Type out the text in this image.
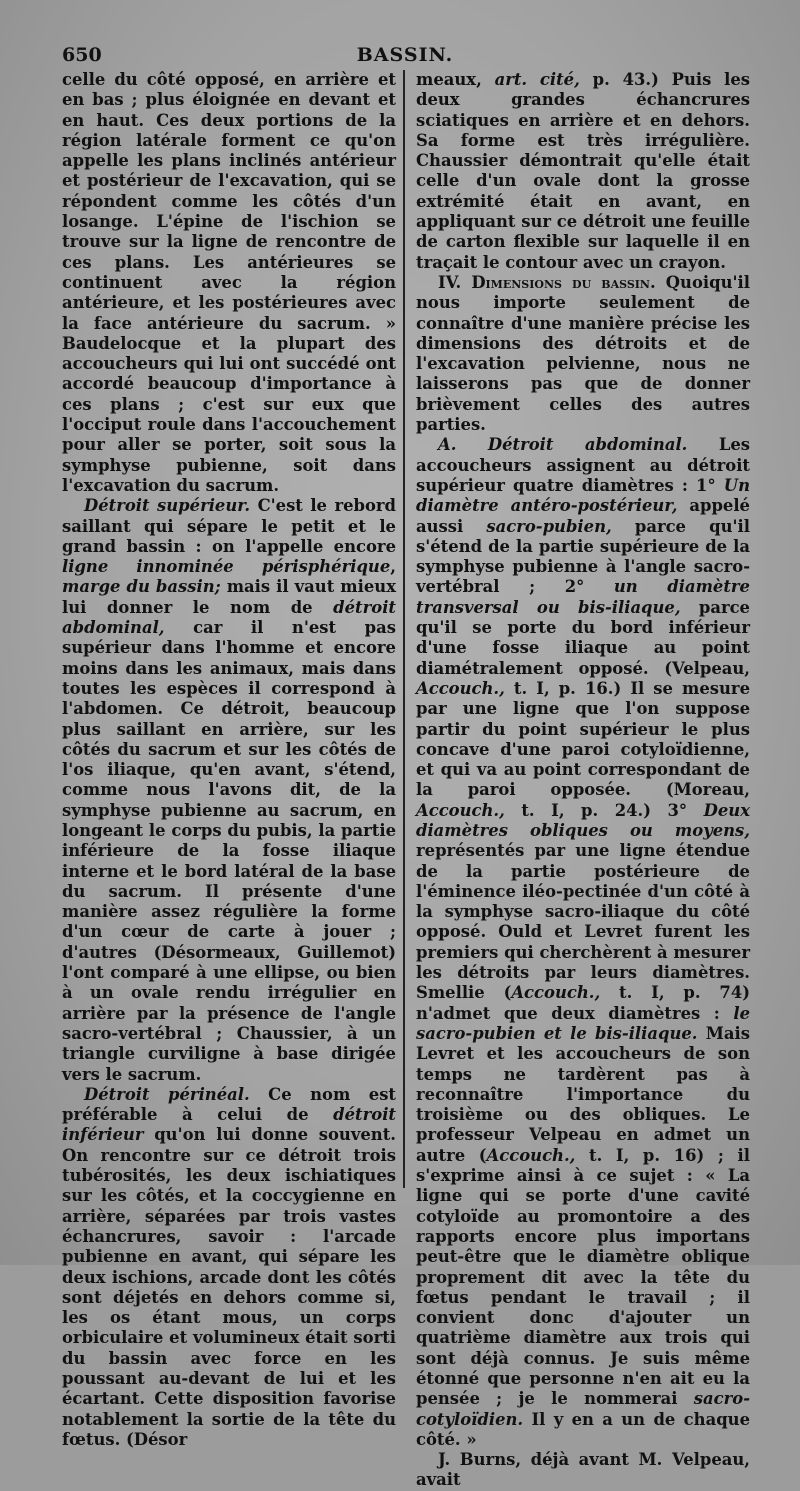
650	BASSIN.

celle du côté opposé, en arrière et en bas ; plus éloignée en devant et en haut. Ces deux portions de la région latérale forment ce qu'on appelle les plans inclinés antérieur et postérieur de l'excavation, qui se répondent comme les côtés d'un losange. L'épine de l'ischion se trouve sur la ligne de rencontre de ces plans. Les antérieures se continuent avec la région antérieure, et les postérieures avec la face antérieure du sacrum. » Baudelocque et la plupart des accoucheurs qui lui ont succédé ont accordé beaucoup d'importance à ces plans ; c'est sur eux que l'occiput roule dans l'accouchement pour aller se porter, soit sous la symphyse pubienne, soit dans l'excavation du sacrum.

Détroit supérieur. C'est le rebord saillant qui sépare le petit et le grand bassin : on l'appelle encore ligne innominée périsphérique, marge du bassin; mais il vaut mieux lui donner le nom de détroit abdominal, car il n'est pas supérieur dans l'homme et encore moins dans les animaux, mais dans toutes les espèces il correspond à l'abdomen. Ce détroit, beaucoup plus saillant en arrière, sur les côtés du sacrum et sur les côtés de l'os iliaque, qu'en avant, s'étend, comme nous l'avons dit, de la symphyse pubienne au sacrum, en longeant le corps du pubis, la partie inférieure de la fosse iliaque interne et le bord latéral de la base du sacrum. Il présente d'une manière assez régulière la forme d'un cœur de carte à jouer ; d'autres (Désormeaux, Guillemot) l'ont comparé à une ellipse, ou bien à un ovale rendu irrégulier en arrière par la présence de l'angle sacro-vertébral ; Chaussier, à un triangle curviligne à base dirigée vers le sacrum.

Détroit périnéal. Ce nom est préférable à celui de détroit inférieur qu'on lui donne souvent. On rencontre sur ce détroit trois tubérosités, les deux ischiatiques sur les côtés, et la coccygienne en arrière, séparées par trois vastes échancrures, savoir : l'arcade pubienne en avant, qui sépare les deux ischions, arcade dont les côtés sont déjetés en dehors comme si, les os étant mous, un corps orbiculaire et volumineux était sorti du bassin avec force en les poussant au-devant de lui et les écartant. Cette disposition favorise notablement la sortie de la tête du fœtus. (Désor

meaux, art. cité, p. 43.) Puis les deux grandes échancrures sciatiques en arrière et en dehors. Sa forme est très irrégulière. Chaussier démontrait qu'elle était celle d'un ovale dont la grosse extrémité était en avant, en appliquant sur ce détroit une feuille de carton flexible sur laquelle il en traçait le contour avec un crayon.

IV. Dimensions du bassin. Quoiqu'il nous importe seulement de connaître d'une manière précise les dimensions des détroits et de l'excavation pelvienne, nous ne laisserons pas que de donner brièvement celles des autres parties.

A. Détroit abdominal. Les accoucheurs assignent au détroit supérieur quatre diamètres : 1° Un diamètre antéro-postérieur, appelé aussi sacro-pubien, parce qu'il s'étend de la partie supérieure de la symphyse pubienne à l'angle sacro-vertébral ; 2° un diamètre transversal ou bis-iliaque, parce qu'il se porte du bord inférieur d'une fosse iliaque au point diamétralement opposé. (Velpeau, Accouch., t. I, p. 16.) Il se mesure par une ligne que l'on suppose partir du point supérieur le plus concave d'une paroi cotyloïdienne, et qui va au point correspondant de la paroi opposée. (Moreau, Accouch., t. I, p. 24.) 3° Deux diamètres obliques ou moyens, représentés par une ligne étendue de la partie postérieure de l'éminence iléo-pectinée d'un côté à la symphyse sacro-iliaque du côté opposé. Ould et Levret furent les premiers qui cherchèrent à mesurer les détroits par leurs diamètres. Smellie (Accouch., t. I, p. 74) n'admet que deux diamètres : le sacro-pubien et le bis-iliaque. Mais Levret et les accoucheurs de son temps ne tardèrent pas à reconnaître l'importance du troisième ou des obliques. Le professeur Velpeau en admet un autre (Accouch., t. I, p. 16) ; il s'exprime ainsi à ce sujet : « La ligne qui se porte d'une cavité cotyloïde au promontoire a des rapports encore plus importans peut-être que le diamètre oblique proprement dit avec la tête du fœtus pendant le travail ; il convient donc d'ajouter un quatrième diamètre aux trois qui sont déjà connus. Je suis même étonné que personne n'en ait eu la pensée ; je le nommerai sacro-cotyloïdien. Il y en a un de chaque côté. »

J. Burns, déjà avant M. Velpeau, avait
